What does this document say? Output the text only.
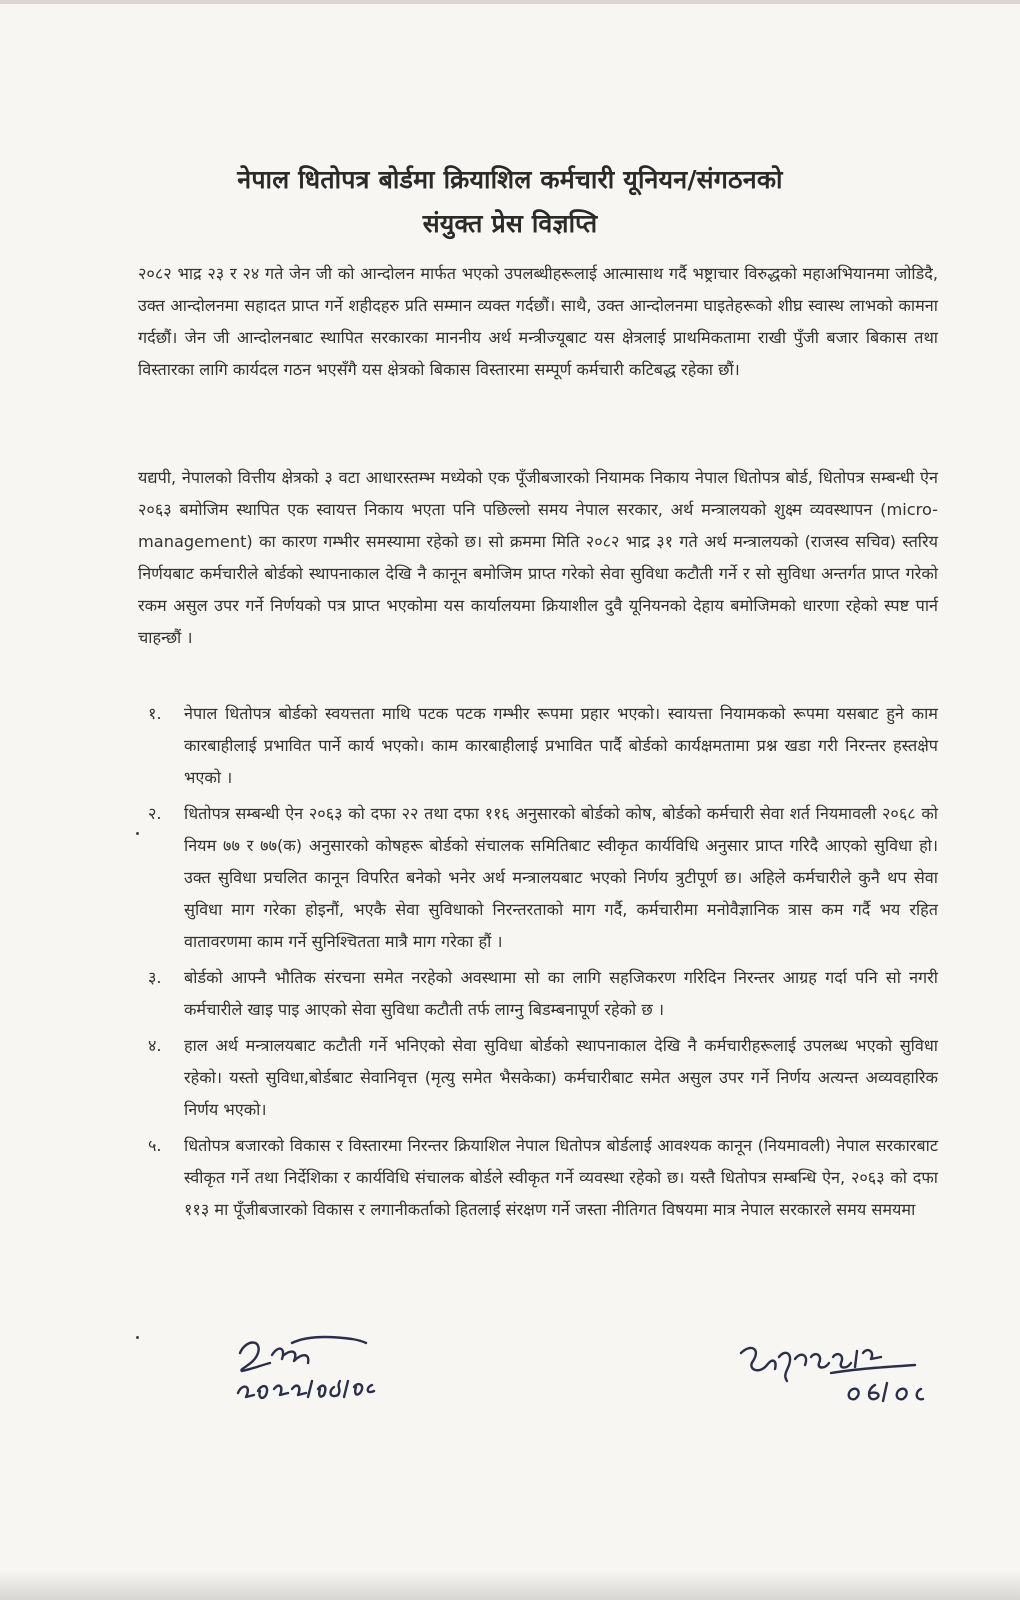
नेपाल धितोपत्र बोर्डमा क्रियाशिल कर्मचारी यूनियन/संगठनको
संयुक्त प्रेस विज्ञप्ति

२०८२ भाद्र २३ र २४ गते जेन जी को आन्दोलन मार्फत भएको उपलब्धीहरूलाई आत्मासाथ गर्दै भष्ट्राचार विरुद्धको महाअभियानमा जोडिदै, उक्त आन्दोलनमा सहादत प्राप्त गर्ने शहीदहरु प्रति सम्मान व्यक्त गर्दछौं। साथै, उक्त आन्दोलनमा घाइतेहरूको शीघ्र स्वास्थ लाभको कामना गर्दछौं। जेन जी आन्दोलनबाट स्थापित सरकारका माननीय अर्थ मन्त्रीज्यूबाट यस क्षेत्रलाई प्राथमिकतामा राखी पुँजी बजार बिकास तथा विस्तारका लागि कार्यदल गठन भएसँगै यस क्षेत्रको बिकास विस्तारमा सम्पूर्ण कर्मचारी कटिबद्ध रहेका छौं।

यद्यपी, नेपालको वित्तीय क्षेत्रको ३ वटा आधारस्तम्भ मध्येको एक पूँजीबजारको नियामक निकाय नेपाल धितोपत्र बोर्ड, धितोपत्र सम्बन्धी ऐन २०६३ बमोजिम स्थापित एक स्वायत्त निकाय भएता पनि पछिल्लो समय नेपाल सरकार, अर्थ मन्त्रालयको शुक्ष्म व्यवस्थापन (micro-management) का कारण गम्भीर समस्यामा रहेको छ। सो क्रममा मिति २०८२ भाद्र ३१ गते अर्थ मन्त्रालयको (राजस्व सचिव) स्तरिय निर्णयबाट कर्मचारीले बोर्डको स्थापनाकाल देखि नै कानून बमोजिम प्राप्त गरेको सेवा सुविधा कटौती गर्ने र सो सुविधा अन्तर्गत प्राप्त गरेको रकम असुल उपर गर्ने निर्णयको पत्र प्राप्त भएकोमा यस कार्यालयमा क्रियाशील दुवै यूनियनको देहाय बमोजिमको धारणा रहेको स्पष्ट पार्न चाहन्छौं ।

१.	नेपाल धितोपत्र बोर्डको स्वयत्तता माथि पटक पटक गम्भीर रूपमा प्रहार भएको। स्वायत्ता नियामकको रूपमा यसबाट हुने काम कारबाहीलाई प्रभावित पार्ने कार्य भएको। काम कारबाहीलाई प्रभावित पार्दै बोर्डको कार्यक्षमतामा प्रश्न खडा गरी निरन्तर हस्तक्षेप भएको ।
२.	धितोपत्र सम्बन्धी ऐन २०६३ को दफा २२ तथा दफा ११६ अनुसारको बोर्डको कोष, बोर्डको कर्मचारी सेवा शर्त नियमावली २०६८ को नियम ७७ र ७७(क) अनुसारको कोषहरू बोर्डको संचालक समितिबाट स्वीकृत कार्यविधि अनुसार प्राप्त गरिदै आएको सुविधा हो। उक्त सुविधा प्रचलित कानून विपरित बनेको भनेर अर्थ मन्त्रालयबाट भएको निर्णय त्रुटीपूर्ण छ। अहिले कर्मचारीले कुनै थप सेवा सुविधा माग गरेका होइनौं, भएकै सेवा सुविधाको निरन्तरताको माग गर्दै, कर्मचारीमा मनोवैज्ञानिक त्रास कम गर्दै भय रहित वातावरणमा काम गर्ने सुनिश्चितता मात्रै माग गरेका हौं ।
३.	बोर्डको आफ्नै भौतिक संरचना समेत नरहेको अवस्थामा सो का लागि सहजिकरण गरिदिन निरन्तर आग्रह गर्दा पनि सो नगरी कर्मचारीले खाइ पाइ आएको सेवा सुविधा कटौती तर्फ लाग्नु बिडम्बनापूर्ण रहेको छ ।
४.	हाल अर्थ मन्त्रालयबाट कटौती गर्ने भनिएको सेवा सुविधा बोर्डको स्थापनाकाल देखि नै कर्मचारीहरूलाई उपलब्ध भएको सुविधा रहेको। यस्तो सुविधा,बोर्डबाट सेवानिवृत्त (मृत्यु समेत भैसकेका) कर्मचारीबाट समेत असुल उपर गर्ने निर्णय अत्यन्त अव्यवहारिक निर्णय भएको।
५.	धितोपत्र बजारको विकास र विस्तारमा निरन्तर क्रियाशिल नेपाल धितोपत्र बोर्डलाई आवश्यक कानून (नियमावली) नेपाल सरकारबाट स्वीकृत गर्ने तथा निर्देशिका र कार्यविधि संचालक बोर्डले स्वीकृत गर्ने व्यवस्था रहेको छ। यस्तै धितोपत्र सम्बन्धि ऐन, २०६३ को दफा ११३ मा पूँजीबजारको विकास र लगानीकर्ताको हितलाई संरक्षण गर्ने जस्ता नीतिगत विषयमा मात्र नेपाल सरकारले समय समयमा
